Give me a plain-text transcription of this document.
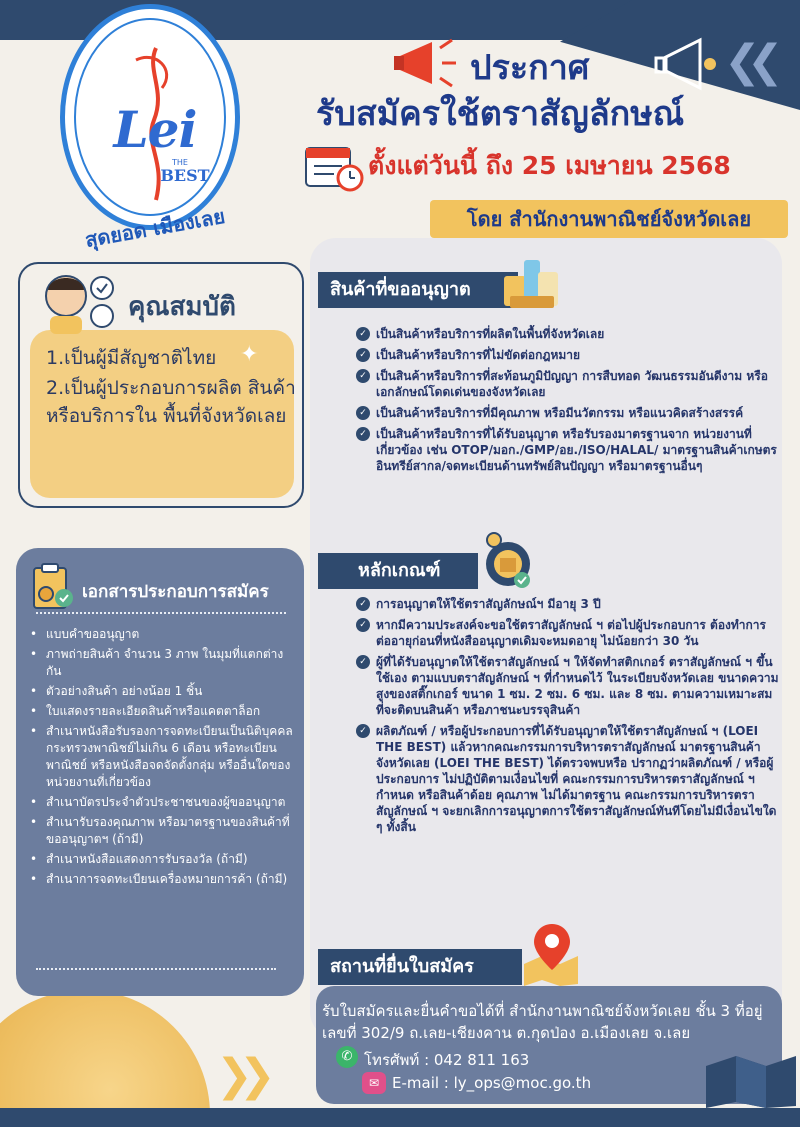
Lei
THE
BEST
สุดยอด เมืองเลย
❮❮
ประกาศ
รับสมัครใช้ตราสัญลักษณ์
ตั้งแต่วันนี้ ถึง 25 เมษายน 2568
โดย สำนักงานพาณิชย์จังหวัดเลย
คุณสมบัติ
✦
1.เป็นผู้มีสัญชาติไทย
2.เป็นผู้ประกอบการผลิต สินค้า หรือบริการใน พื้นที่จังหวัดเลย
เอกสารประกอบการสมัคร
• แบบคำขออนุญาต
• ภาพถ่ายสินค้า จำนวน 3 ภาพ ในมุมที่แตกต่างกัน
• ตัวอย่างสินค้า อย่างน้อย 1 ชิ้น
• ใบแสดงรายละเอียดสินค้าหรือแคตตาล็อก
• สำเนาหนังสือรับรองการจดทะเบียนเป็นนิติบุคคล กระทรวงพาณิชย์ไม่เกิน 6 เดือน หรือทะเบียนพาณิชย์ หรือหนังสือจดจัดตั้งกลุ่ม หรืออื่นใดของหน่วยงานที่เกี่ยวข้อง
• สำเนาบัตรประจำตัวประชาชนของผู้ขออนุญาต
• สำเนารับรองคุณภาพ หรือมาตรฐานของสินค้าที่ขออนุญาตฯ (ถ้ามี)
• สำเนาหนังสือแสดงการรับรองวัล (ถ้ามี)
• สำเนาการจดทะเบียนเครื่องหมายการค้า (ถ้ามี)
สินค้าที่ขออนุญาต
✓ เป็นสินค้าหรือบริการที่ผลิตในพื้นที่จังหวัดเลย
✓ เป็นสินค้าหรือบริการที่ไม่ขัดต่อกฎหมาย
✓ เป็นสินค้าหรือบริการที่สะท้อนภูมิปัญญา การสืบทอด วัฒนธรรมอันดีงาม หรือเอกลักษณ์โดดเด่นของจังหวัดเลย
✓ เป็นสินค้าหรือบริการที่มีคุณภาพ หรือมีนวัตกรรม หรือแนวคิดสร้างสรรค์
✓ เป็นสินค้าหรือบริการที่ได้รับอนุญาต หรือรับรองมาตรฐานจาก หน่วยงานที่เกี่ยวข้อง เช่น OTOP/มอก./GMP/อย./ISO/HALAL/ มาตรฐานสินค้าเกษตรอินทรีย์สากล/จดทะเบียนด้านทรัพย์สินปัญญา หรือมาตรฐานอื่นๆ
หลักเกณฑ์
✓ การอนุญาตให้ใช้ตราสัญลักษณ์ฯ มีอายุ 3 ปี
✓ หากมีความประสงค์จะขอใช้ตราสัญลักษณ์ ฯ ต่อไปผู้ประกอบการ ต้องทำการต่ออายุก่อนที่หนังสืออนุญาตเดิมจะหมดอายุ ไม่น้อยกว่า 30 วัน
✓ ผู้ที่ได้รับอนุญาตให้ใช้ตราสัญลักษณ์ ฯ ให้จัดทำสติกเกอร์ ตราสัญลักษณ์ ฯ ขึ้นใช้เอง ตามแบบตราสัญลักษณ์ ฯ ที่กำหนดไว้ ในระเบียบจังหวัดเลย ขนาดความสูงของสติ๊กเกอร์ ขนาด 1 ซม. 2 ซม. 6 ซม. และ 8 ซม. ตามความเหมาะสมที่จะติดบนสินค้า หรือภาชนะบรรจุสินค้า
✓ ผลิตภัณฑ์ / หรือผู้ประกอบการที่ได้รับอนุญาตให้ใช้ตราสัญลักษณ์ ฯ (LOEI THE BEST) แล้วหากคณะกรรมการบริหารตราสัญลักษณ์ มาตรฐานสินค้าจังหวัดเลย (LOEI THE BEST) ได้ตรวจพบหรือ ปรากฏว่าผลิตภัณฑ์ / หรือผู้ประกอบการ ไม่ปฏิบัติตามเงื่อนไขที่ คณะกรรมการบริหารตราสัญลักษณ์ ฯ กำหนด หรือสินค้าด้อย คุณภาพ ไม่ได้มาตรฐาน คณะกรรมการบริหารตราสัญลักษณ์ ฯ จะยกเลิกการอนุญาตการใช้ตราสัญลักษณ์ทันทีโดยไม่มีเงื่อนไขใด ๆ ทั้งสิ้น
สถานที่ยื่นใบสมัคร
รับใบสมัครและยื่นคำขอได้ที่ สำนักงานพาณิชย์จังหวัดเลย ชั้น 3 ที่อยู่ เลขที่ 302/9 ถ.เลย-เชียงคาน ต.กุดป่อง อ.เมืองเลย จ.เลย
✆ โทรศัพท์ : 042 811 163
✉ E-mail : ly_ops@moc.go.th
❯❯
